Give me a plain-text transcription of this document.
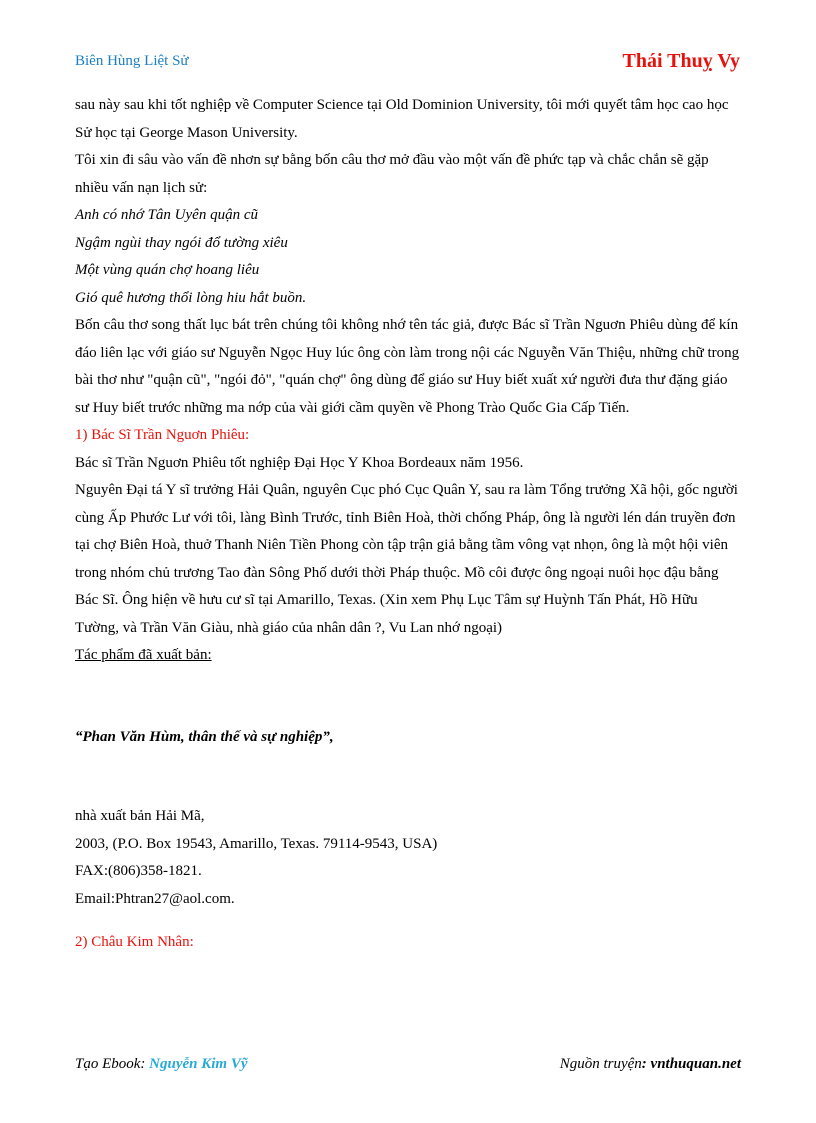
Biên Hùng Liệt Sử	Thái Thuỵ Vy

sau này sau khi tốt nghiệp về Computer Science tại Old Dominion University, tôi mới quyết tâm học cao học Sử học tại George Mason University.

Tôi xin đi sâu vào vấn đề nhơn sự bằng bốn câu thơ mở đầu vào một vấn đề phức tạp và chắc chắn sẽ gặp nhiều vấn nạn lịch sử:

Anh có nhớ Tân Uyên quận cũ

Ngậm ngùi thay ngói đổ tường xiêu

Một vùng quán chợ hoang liêu

Gió quê hương thổi lòng hiu hắt buồn.

Bốn câu thơ song thất lục bát trên chúng tôi không nhớ tên tác giả, được Bác sĩ Trần Nguơn Phiêu dùng để kín đáo liên lạc với giáo sư Nguyễn Ngọc Huy lúc ông còn làm trong nội các Nguyễn Văn Thiệu, những chữ trong bài thơ như "quận cũ", "ngói đỏ", "quán chợ" ông dùng để giáo sư Huy biết xuất xứ người đưa thư đặng giáo sư Huy biết trước những ma nớp của vài giới cầm quyền về Phong Trào Quốc Gia Cấp Tiến.

1) Bác Sĩ Trần Nguơn Phiêu:

Bác sĩ Trần Nguơn Phiêu tốt nghiệp Đại Học Y Khoa Bordeaux năm 1956.

Nguyên Đại tá Y sĩ trưởng Hải Quân, nguyên Cục phó Cục Quân Y, sau ra làm Tổng trưởng Xã hội, gốc người cùng Ấp Phước Lư với tôi, làng Bình Trước, tỉnh Biên Hoà, thời chống Pháp, ông là người lén dán truyền đơn tại chợ Biên Hoà, thuở Thanh Niên Tiền Phong còn tập trận giả bằng tầm vông vạt nhọn, ông là một hội viên trong nhóm chủ trương Tao đàn Sông Phố dưới thời Pháp thuộc. Mồ côi được ông ngoại nuôi học đậu bằng Bác Sĩ. Ông hiện về hưu cư sĩ tại Amarillo, Texas. (Xin xem Phụ Lục Tâm sự Huỳnh Tấn Phát, Hồ Hữu Tường, và Trần Văn Giàu, nhà giáo của nhân dân ?, Vu Lan nhớ ngoại)

Tác phẩm đã xuất bản:

“Phan Văn Hùm, thân thế và sự nghiệp”,

nhà xuất bản Hải Mã,

2003, (P.O. Box 19543, Amarillo, Texas. 79114-9543, USA)

FAX:(806)358-1821.

Email:Phtran27@aol.com.

2) Châu Kim Nhân:

Tạo Ebook: Nguyễn Kim Vỹ	Nguồn truyện: vnthuquan.net
